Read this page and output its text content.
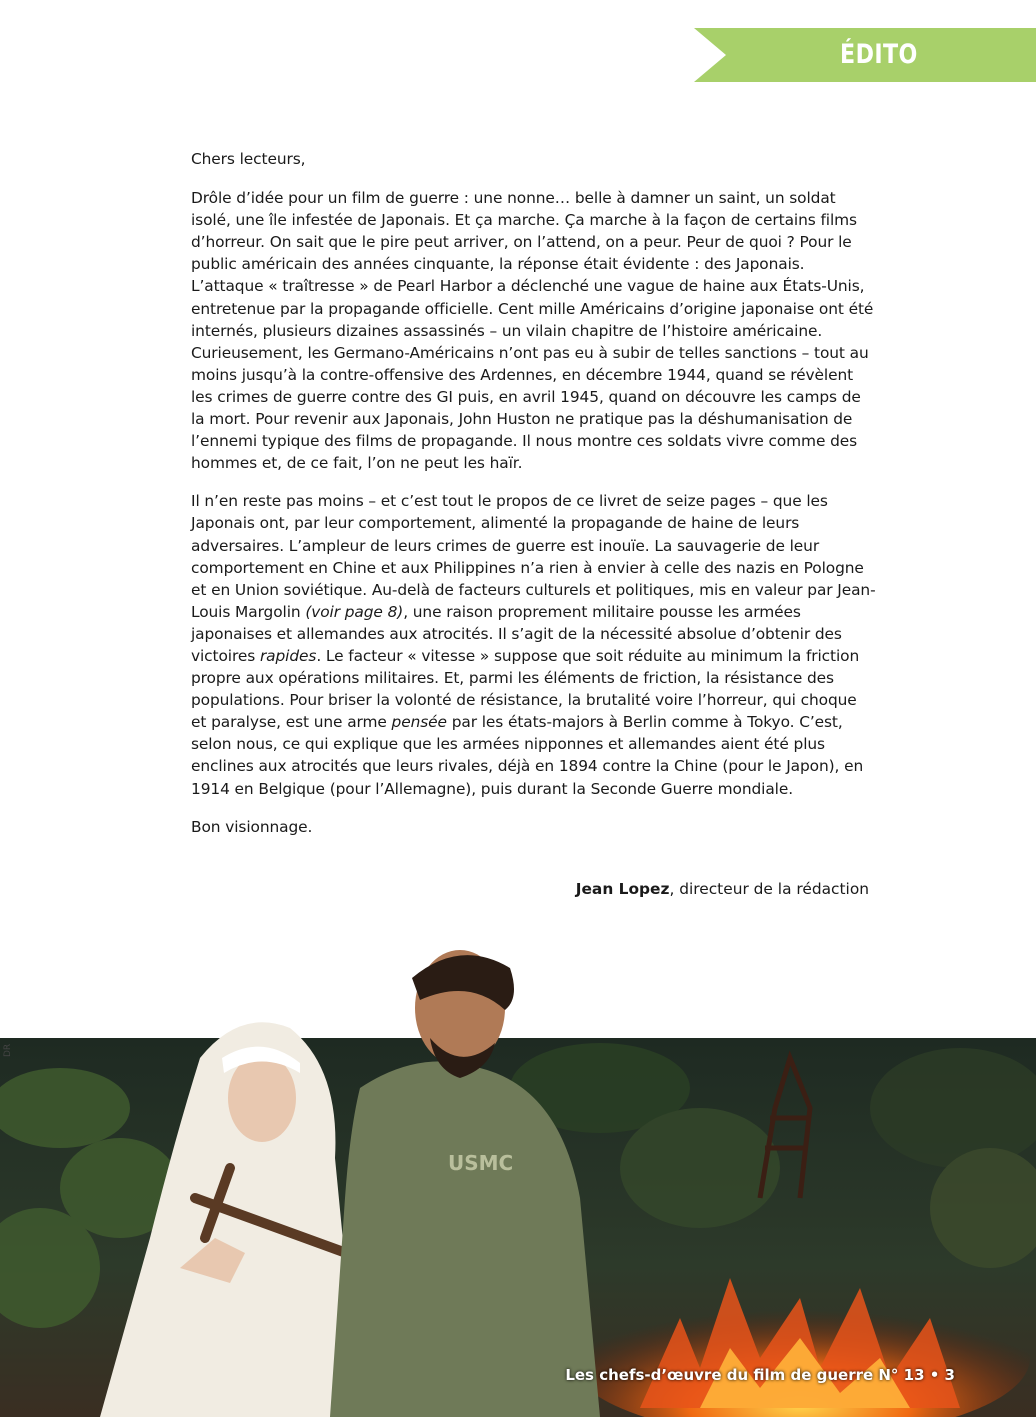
ÉDITO

Chers lecteurs,

Drôle d’idée pour un film de guerre : une nonne… belle à damner un saint, un soldat isolé, une île infestée de Japonais. Et ça marche. Ça marche à la façon de certains films d’horreur. On sait que le pire peut arriver, on l’attend, on a peur. Peur de quoi ? Pour le public américain des années cinquante, la réponse était évidente : des Japonais. L’attaque « traîtresse » de Pearl Harbor a déclenché une vague de haine aux États-Unis, entretenue par la propagande officielle. Cent mille Américains d’origine japonaise ont été internés, plusieurs dizaines assassinés – un vilain chapitre de l’histoire américaine. Curieusement, les Germano-Américains n’ont pas eu à subir de telles sanctions – tout au moins jusqu’à la contre-offensive des Ardennes, en décembre 1944, quand se révèlent les crimes de guerre contre des GI puis, en avril 1945, quand on découvre les camps de la mort. Pour revenir aux Japonais, John Huston ne pratique pas la déshumanisation de l’ennemi typique des films de propagande. Il nous montre ces soldats vivre comme des hommes et, de ce fait, l’on ne peut les haïr.

Il n’en reste pas moins – et c’est tout le propos de ce livret de seize pages – que les Japonais ont, par leur comportement, alimenté la propagande de haine de leurs adversaires. L’ampleur de leurs crimes de guerre est inouïe. La sauvagerie de leur comportement en Chine et aux Philippines n’a rien à envier à celle des nazis en Pologne et en Union soviétique. Au-delà de facteurs culturels et politiques, mis en valeur par Jean-Louis Margolin (voir page 8), une raison proprement militaire pousse les armées japonaises et allemandes aux atrocités. Il s’agit de la nécessité absolue d’obtenir des victoires rapides. Le facteur « vitesse » suppose que soit réduite au minimum la friction propre aux opérations militaires. Et, parmi les éléments de friction, la résistance des populations. Pour briser la volonté de résistance, la brutalité voire l’horreur, qui choque et paralyse, est une arme pensée par les états-majors à Berlin comme à Tokyo. C’est, selon nous, ce qui explique que les armées nipponnes et allemandes aient été plus enclines aux atrocités que leurs rivales, déjà en 1894 contre la Chine (pour le Japon), en 1914 en Belgique (pour l’Allemagne), puis durant la Seconde Guerre mondiale.

Bon visionnage.

Jean Lopez, directeur de la rédaction
USMC
DR
Les chefs-d’œuvre du film de guerre N° 13 • 3
